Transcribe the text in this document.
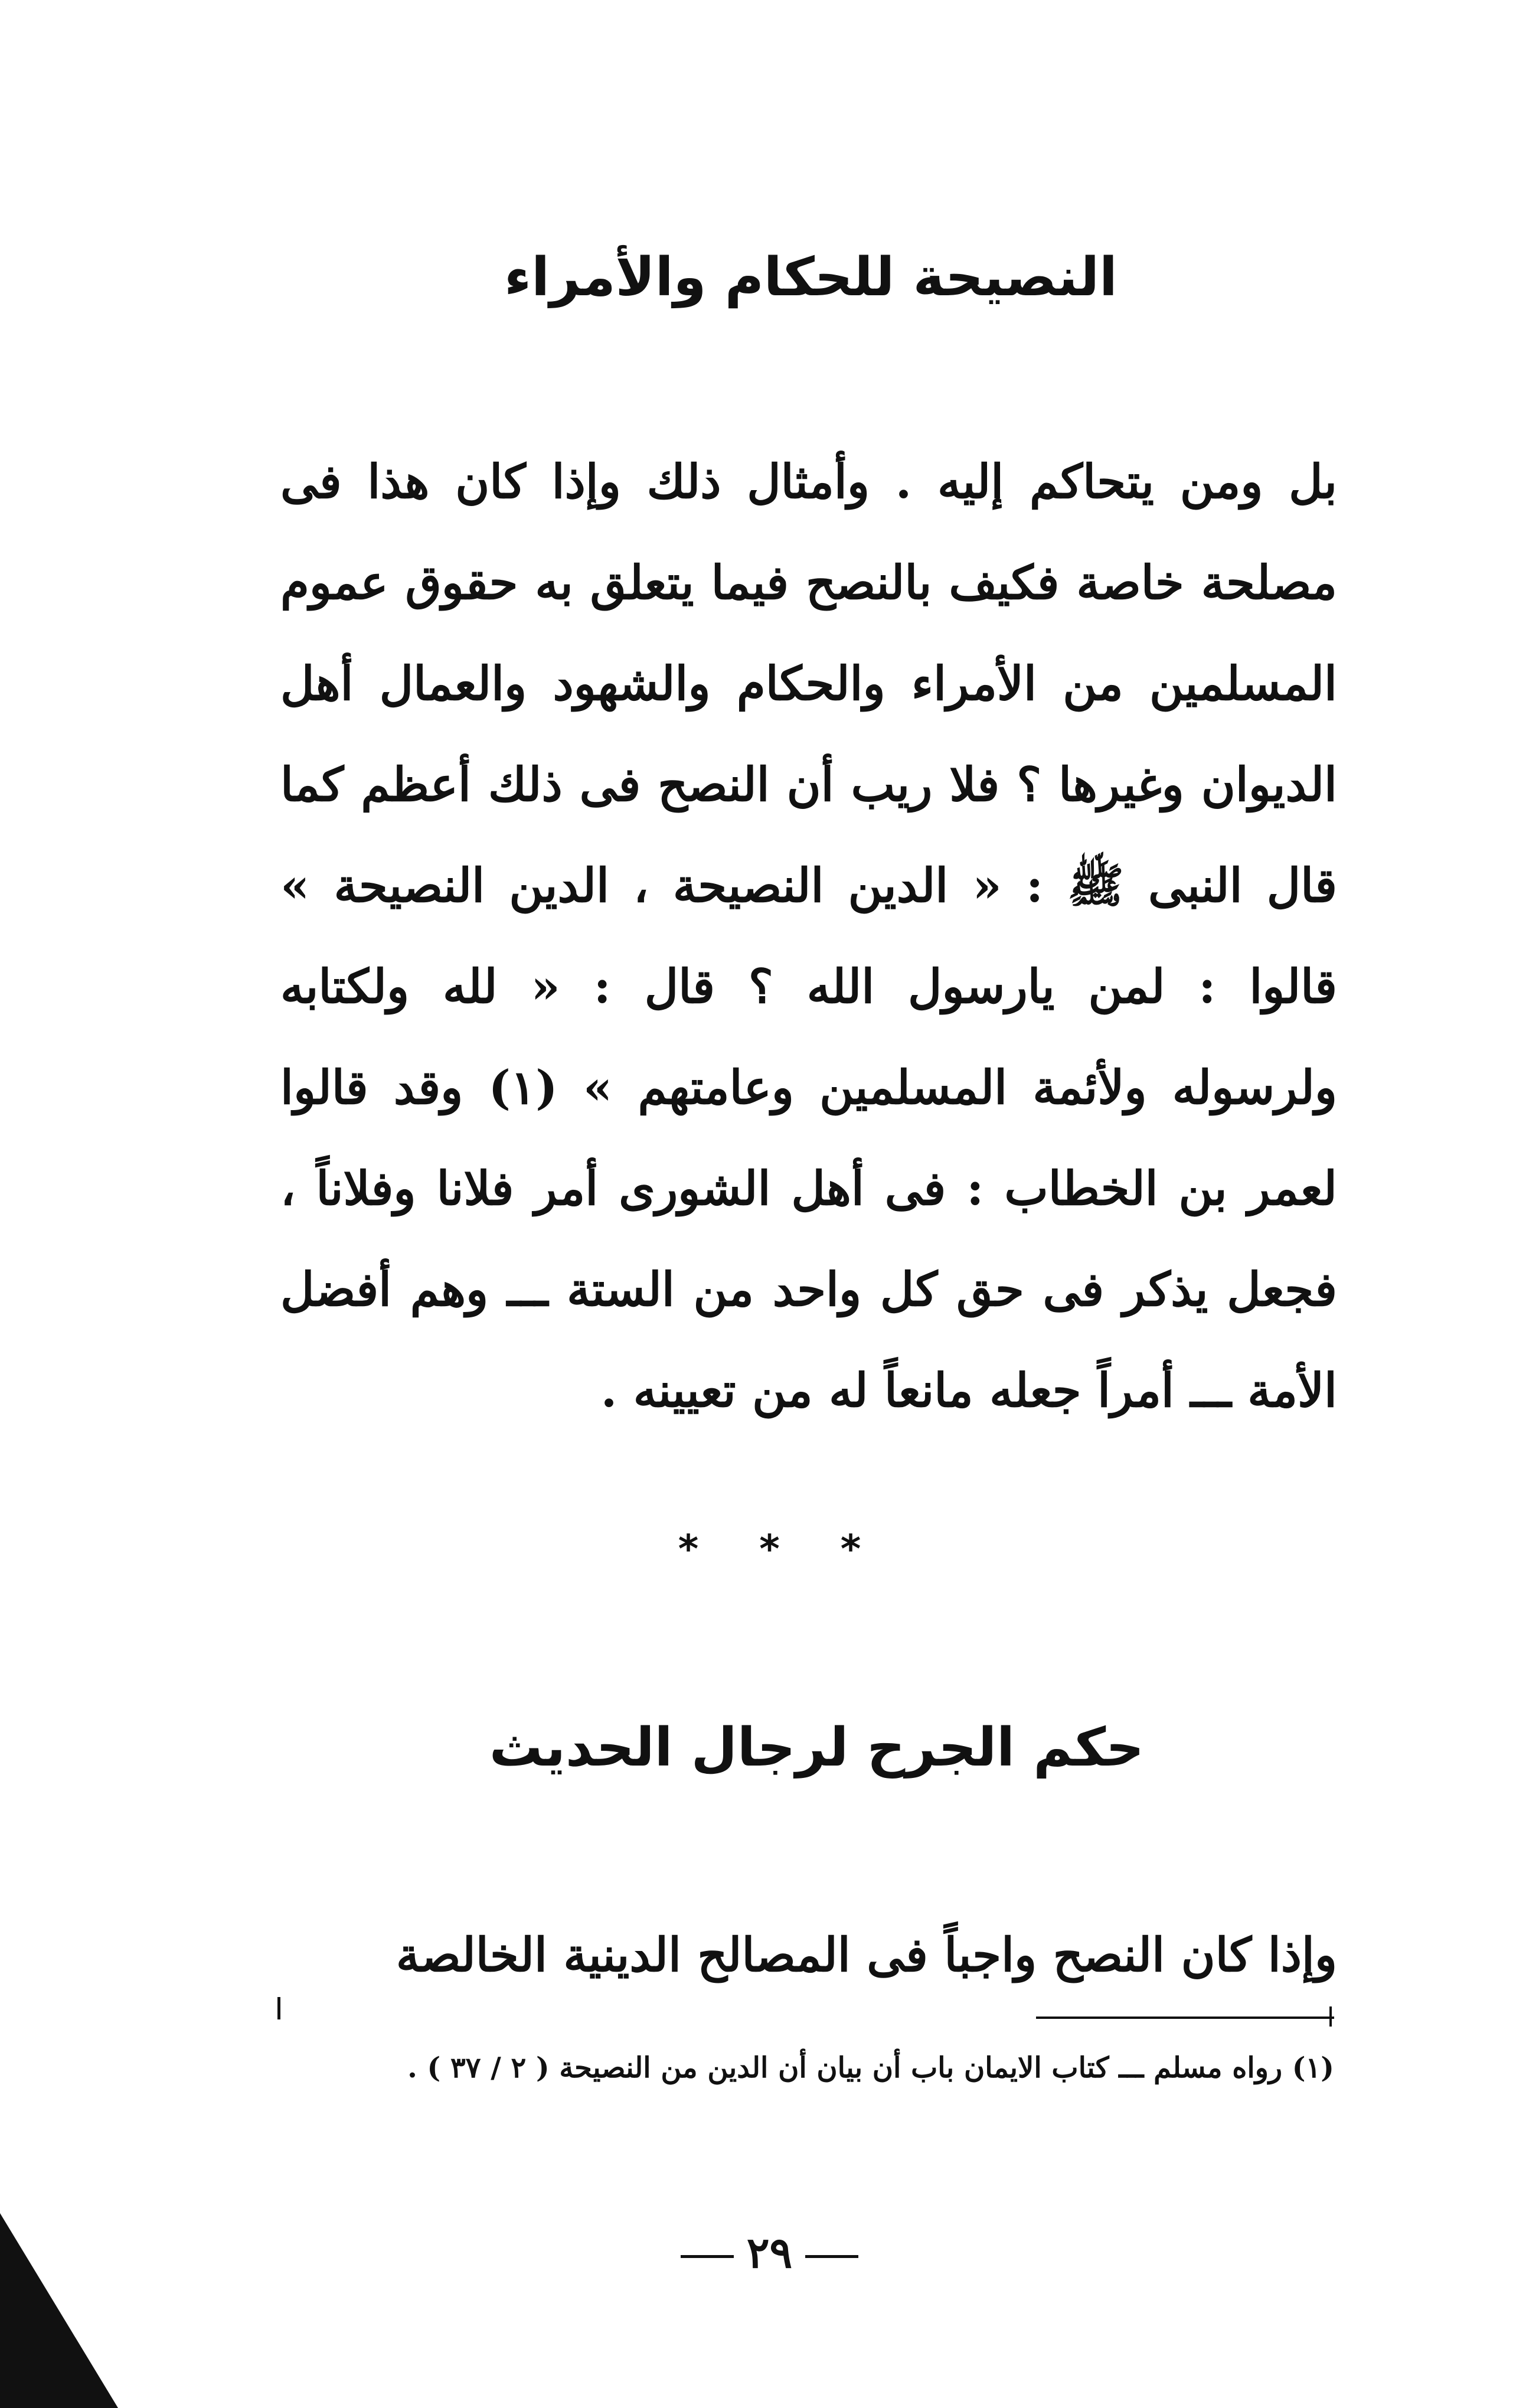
النصيحة للحكام والأمراء

بل ومن يتحاكم إليه . وأمثال ذلك وإذا كان هذا فى مصلحة خاصة فكيف بالنصح فيما يتعلق به حقوق عموم المسلمين من الأمراء والحكام والشهود والعمال أهل الديوان وغيرها ؟ فلا ريب أن النصح فى ذلك أعظم كما قال النبى ﷺ : « الدين النصيحة ، الدين النصيحة » قالوا : لمن يارسول الله ؟ قال : « لله ولكتابه ولرسوله ولأئمة المسلمين وعامتهم » (١) وقد قالوا لعمر بن الخطاب : فى أهل الشورى أمر فلانا وفلاناً ، فجعل يذكر فى حق كل واحد من الستة ـــ وهم أفضل الأمة ـــ أمراً جعله مانعاً له من تعيينه .

* * *

حكم الجرح لرجال الحديث

وإذا كان النصح واجباً فى المصالح الدينية الخالصة

(١) رواه مسلم ـــ كتاب الايمان باب أن بيان أن الدين من النصيحة ( ٢ / ٣٧ ) .

٢٩
